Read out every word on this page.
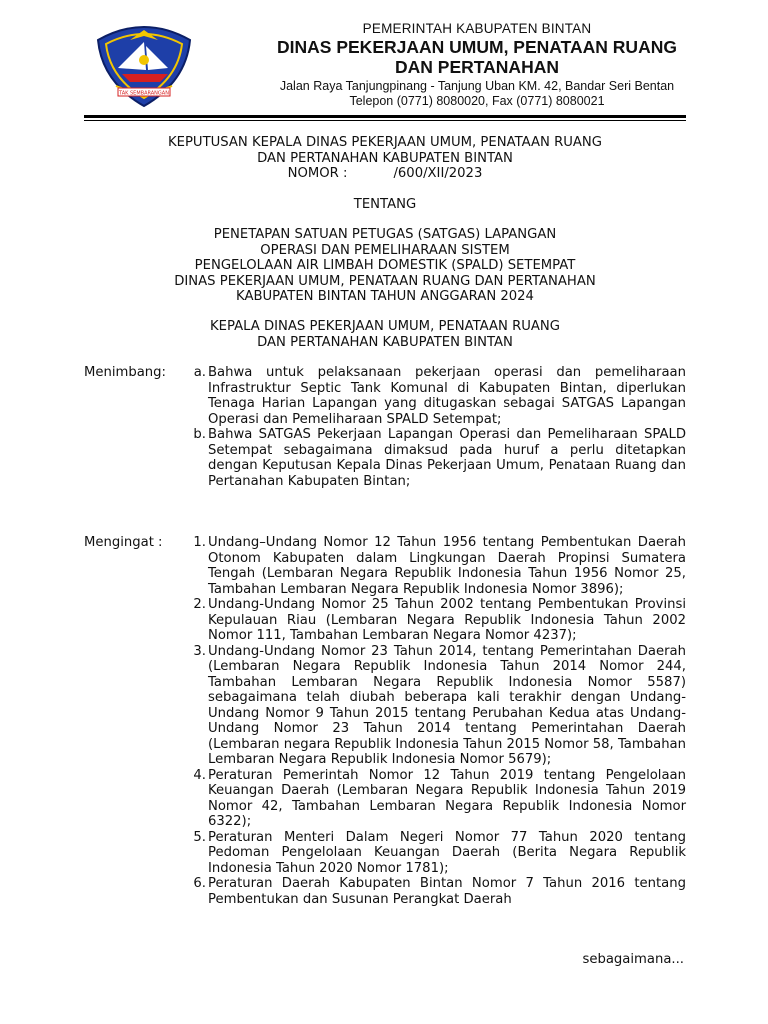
TAK SEMBARANGAN
PEMERINTAH KABUPATEN BINTAN
DINAS PEKERJAAN UMUM, PENATAAN RUANG
DAN PERTANAHAN
Jalan Raya Tanjungpinang - Tanjung Uban KM. 42, Bandar Seri Bentan
Telepon (0771) 8080020, Fax (0771) 8080021
KEPUTUSAN KEPALA DINAS PEKERJAAN UMUM, PENATAAN RUANG
DAN PERTANAHAN KABUPATEN BINTAN
NOMOR :	/600/XII/2023
TENTANG
PENETAPAN SATUAN PETUGAS (SATGAS) LAPANGAN
OPERASI DAN PEMELIHARAAN SISTEM
PENGELOLAAN AIR LIMBAH DOMESTIK (SPALD) SETEMPAT
DINAS PEKERJAAN UMUM, PENATAAN RUANG DAN PERTANAHAN
KABUPATEN BINTAN TAHUN ANGGARAN 2024
KEPALA DINAS PEKERJAAN UMUM, PENATAAN RUANG
DAN PERTANAHAN KABUPATEN BINTAN
Menimbang: a. Bahwa untuk pelaksanaan pekerjaan operasi dan pemeliharaan Infrastruktur Septic Tank Komunal di Kabupaten Bintan, diperlukan Tenaga Harian Lapangan yang ditugaskan sebagai SATGAS Lapangan Operasi dan Pemeliharaan SPALD Setempat;
b. Bahwa SATGAS Pekerjaan Lapangan Operasi dan Pemeliharaan SPALD Setempat sebagaimana dimaksud pada huruf a perlu ditetapkan dengan Keputusan Kepala Dinas Pekerjaan Umum, Penataan Ruang dan Pertanahan Kabupaten Bintan;
Mengingat : 1. Undang–Undang Nomor 12 Tahun 1956 tentang Pembentukan Daerah Otonom Kabupaten dalam Lingkungan Daerah Propinsi Sumatera Tengah (Lembaran Negara Republik Indonesia Tahun 1956 Nomor 25, Tambahan Lembaran Negara Republik Indonesia Nomor 3896);
2. Undang-Undang Nomor 25 Tahun 2002 tentang Pembentukan Provinsi Kepulauan Riau (Lembaran Negara Republik Indonesia Tahun 2002 Nomor 111, Tambahan Lembaran Negara Nomor 4237);
3. Undang-Undang Nomor 23 Tahun 2014, tentang Pemerintahan Daerah (Lembaran Negara Republik Indonesia Tahun 2014 Nomor 244, Tambahan Lembaran Negara Republik Indonesia Nomor 5587) sebagaimana telah diubah beberapa kali terakhir dengan Undang-Undang Nomor 9 Tahun 2015 tentang Perubahan Kedua atas Undang-Undang Nomor 23 Tahun 2014 tentang Pemerintahan Daerah (Lembaran negara Republik Indonesia Tahun 2015 Nomor 58, Tambahan Lembaran Negara Republik Indonesia Nomor 5679);
4. Peraturan Pemerintah Nomor 12 Tahun 2019 tentang Pengelolaan Keuangan Daerah (Lembaran Negara Republik Indonesia Tahun 2019 Nomor 42, Tambahan Lembaran Negara Republik Indonesia Nomor 6322);
5. Peraturan Menteri Dalam Negeri Nomor 77 Tahun 2020 tentang Pedoman Pengelolaan Keuangan Daerah (Berita Negara Republik Indonesia Tahun 2020 Nomor 1781);
6. Peraturan Daerah Kabupaten Bintan Nomor 7 Tahun 2016 tentang Pembentukan dan Susunan Perangkat Daerah
sebagaimana...
